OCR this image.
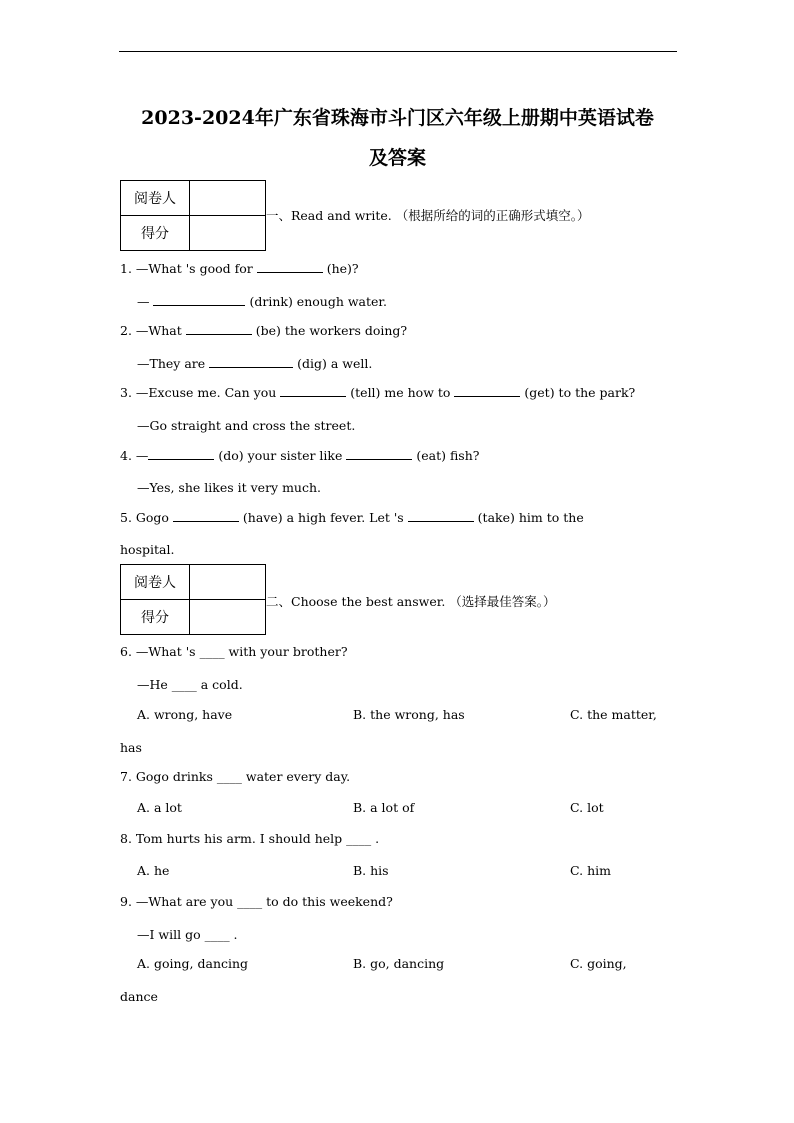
2023-2024年广东省珠海市斗门区六年级上册期中英语试卷
及答案
阅卷人	
得分	
一、Read and write. （根据所给的词的正确形式填空。）
1. —What 's good for	(he)?
—	(drink) enough water.
2. —What	(be) the workers doing?
—They are	(dig) a well.
3. —Excuse me. Can you	(tell) me how to	(get) to the park?
—Go straight and cross the street.
4. —	(do) your sister like	(eat) fish?
—Yes, she likes it very much.
5. Gogo	(have) a high fever. Let 's	(take) him to the
hospital.
阅卷人	
得分	
二、Choose the best answer. （选择最佳答案。）
6. —What 's ____ with your brother?
—He ____ a cold.
A. wrong, have	B. the wrong, has	C. the matter,
has
7. Gogo drinks ____ water every day.
A. a lot	B. a lot of	C. lot
8. Tom hurts his arm. I should help ____ .
A. he	B. his	C. him
9. —What are you ____ to do this weekend?
—I will go ____ .
A. going, dancing	B. go, dancing	C. going,
dance
